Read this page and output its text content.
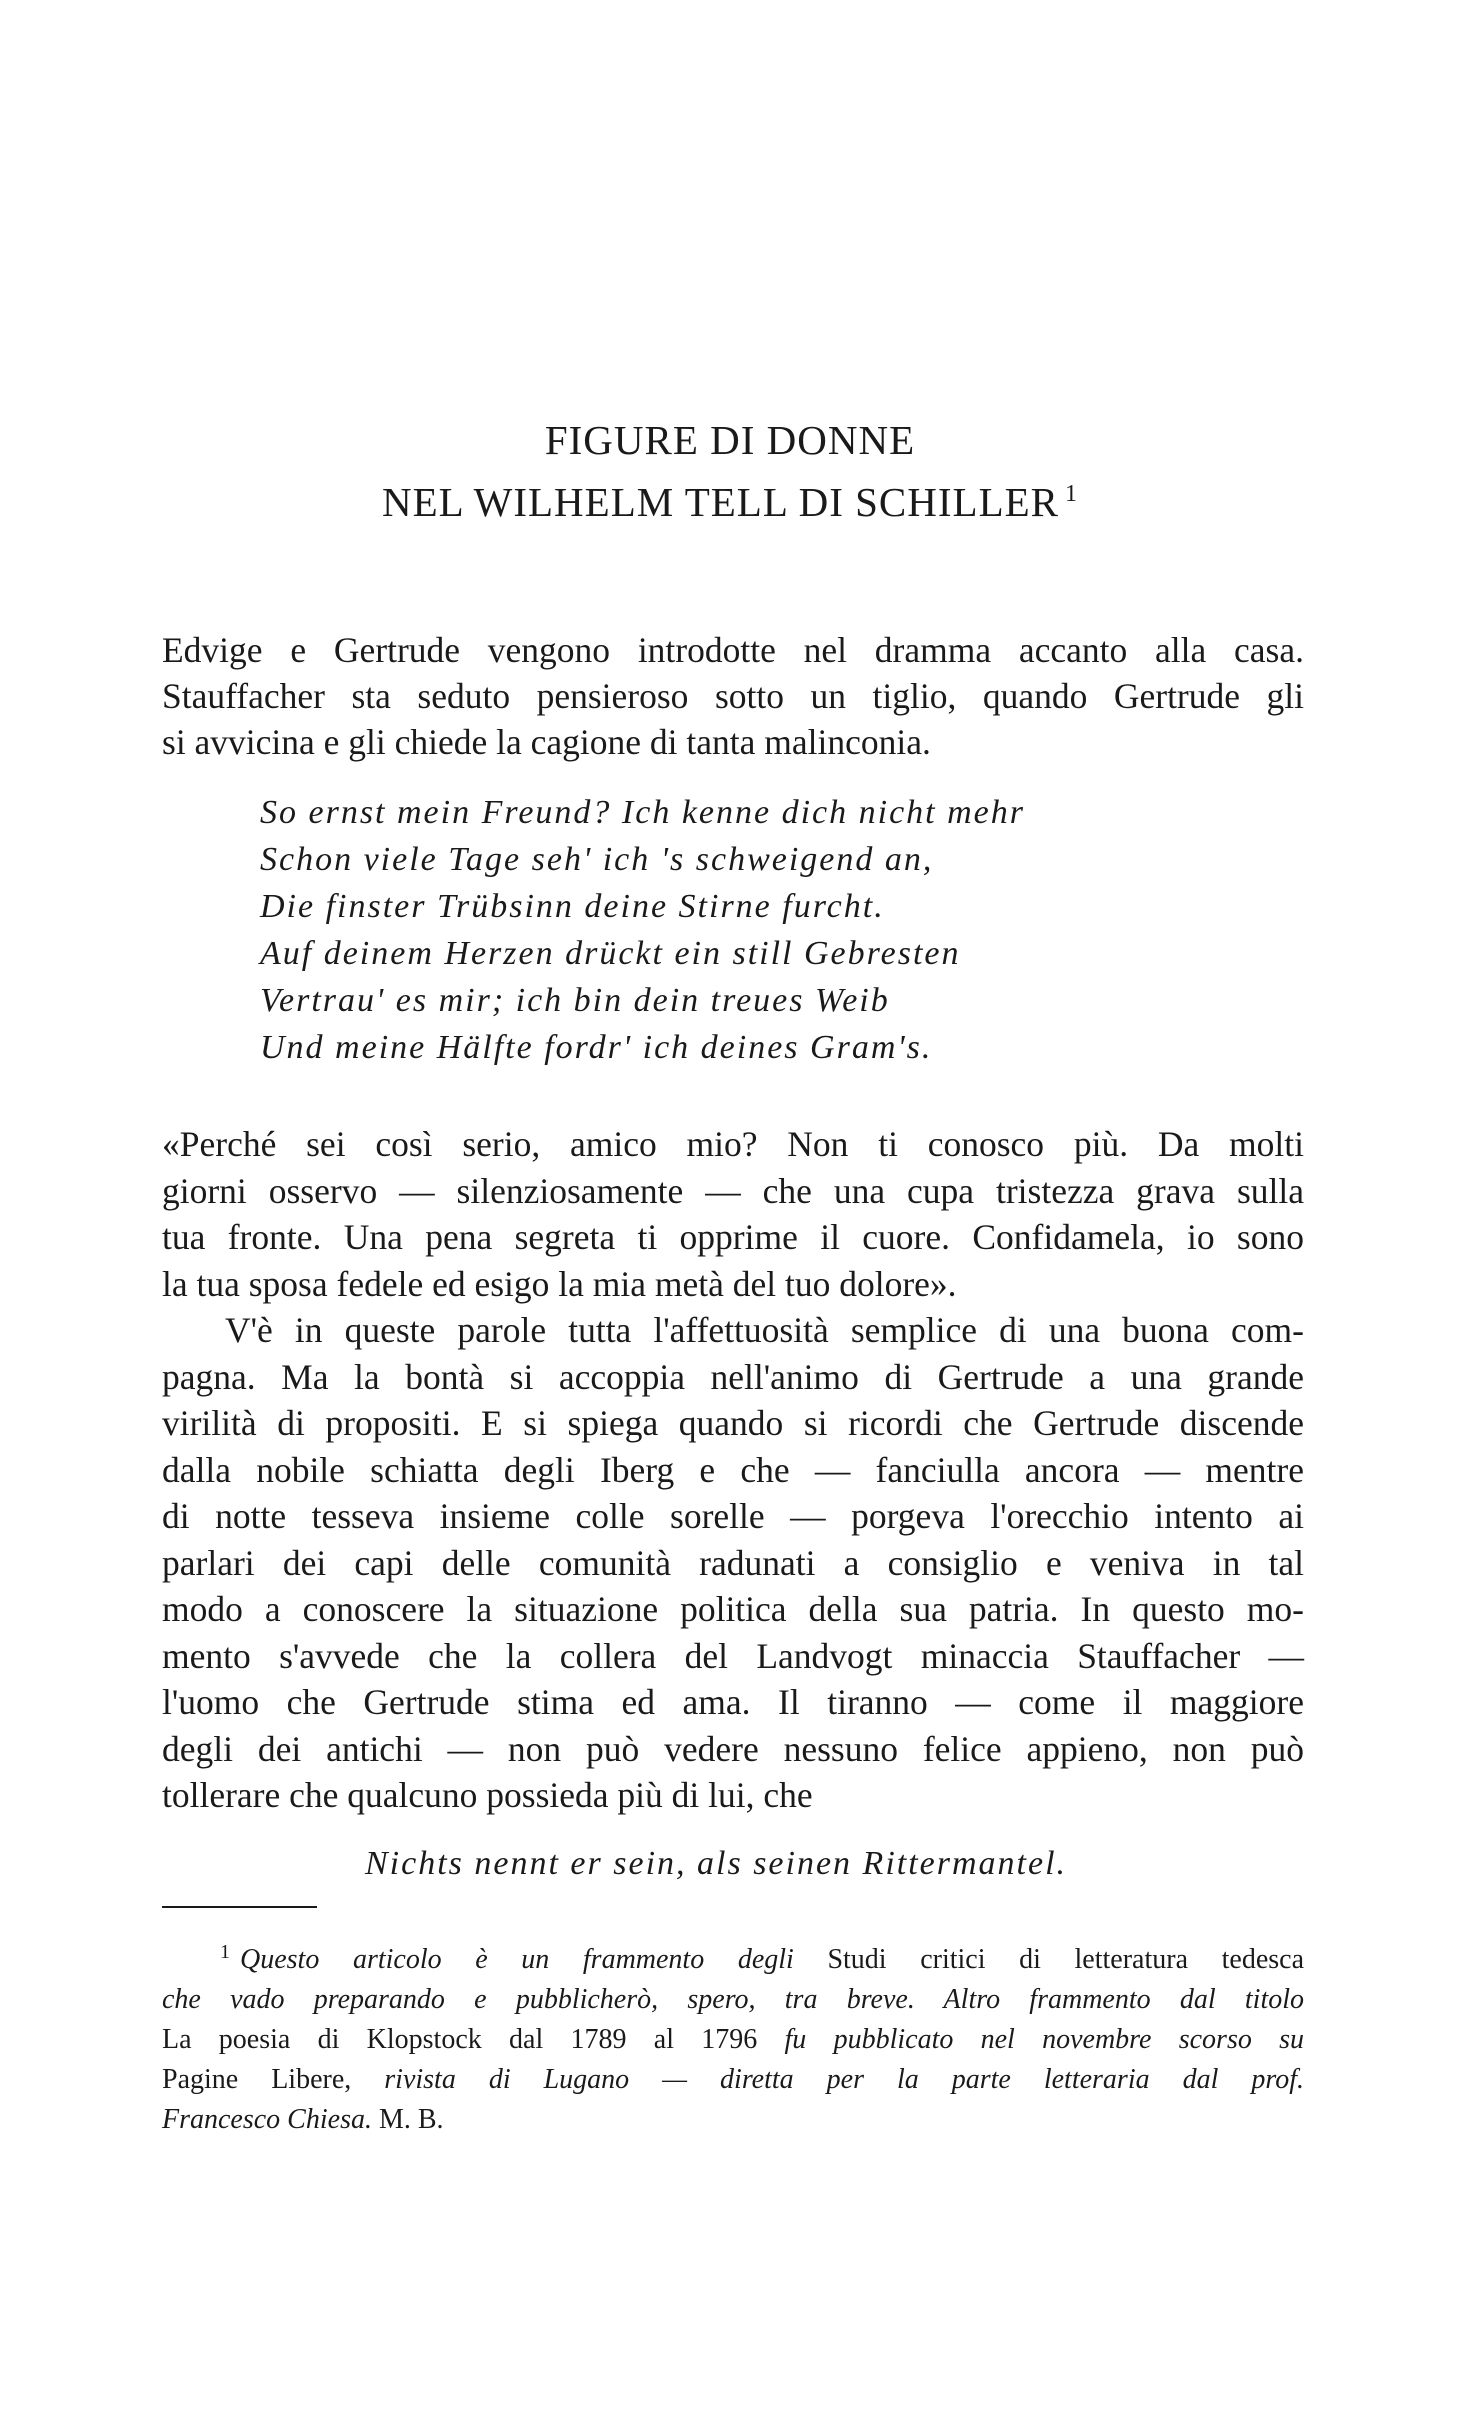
FIGURE DI DONNE
NEL WILHELM TELL DI SCHILLER $^1$
Edvige e Gertrude vengono introdotte nel dramma accanto alla casa.
Stauffacher sta seduto pensieroso sotto un tiglio, quando Gertrude gli
si avvicina e gli chiede la cagione di tanta malinconia.
So ernst mein Freund? Ich kenne dich nicht mehr
Schon viele Tage seh' ich 's schweigend an,
Die finster Trübsinn deine Stirne furcht.
Auf deinem Herzen drückt ein still Gebresten
Vertrau' es mir; ich bin dein treues Weib
Und meine Hälfte fordr' ich deines Gram's.
«Perché sei così serio, amico mio? Non ti conosco più. Da molti
giorni osservo — silenziosamente — che una cupa tristezza grava sulla
tua fronte. Una pena segreta ti opprime il cuore. Confidamela, io sono
la tua sposa fedele ed esigo la mia metà del tuo dolore».
V'è in queste parole tutta l'affettuosità semplice di una buona com-
pagna. Ma la bontà si accoppia nell'animo di Gertrude a una grande
virilità di propositi. E si spiega quando si ricordi che Gertrude discende
dalla nobile schiatta degli Iberg e che — fanciulla ancora — mentre
di notte tesseva insieme colle sorelle — porgeva l'orecchio intento ai
parlari dei capi delle comunità radunati a consiglio e veniva in tal
modo a conoscere la situazione politica della sua patria. In questo mo-
mento s'avvede che la collera del Landvogt minaccia Stauffacher —
l'uomo che Gertrude stima ed ama. Il tiranno — come il maggiore
degli dei antichi — non può vedere nessuno felice appieno, non può
tollerare che qualcuno possieda più di lui, che
Nichts nennt er sein, als seinen Rittermantel.
$^1$ Questo articolo è un frammento degli Studi critici di letteratura tedesca
che vado preparando e pubblicherò, spero, tra breve. Altro frammento dal titolo
La poesia di Klopstock dal 1789 al 1796 fu pubblicato nel novembre scorso su
Pagine Libere, rivista di Lugano — diretta per la parte letteraria dal prof.
Francesco Chiesa. M. B.
